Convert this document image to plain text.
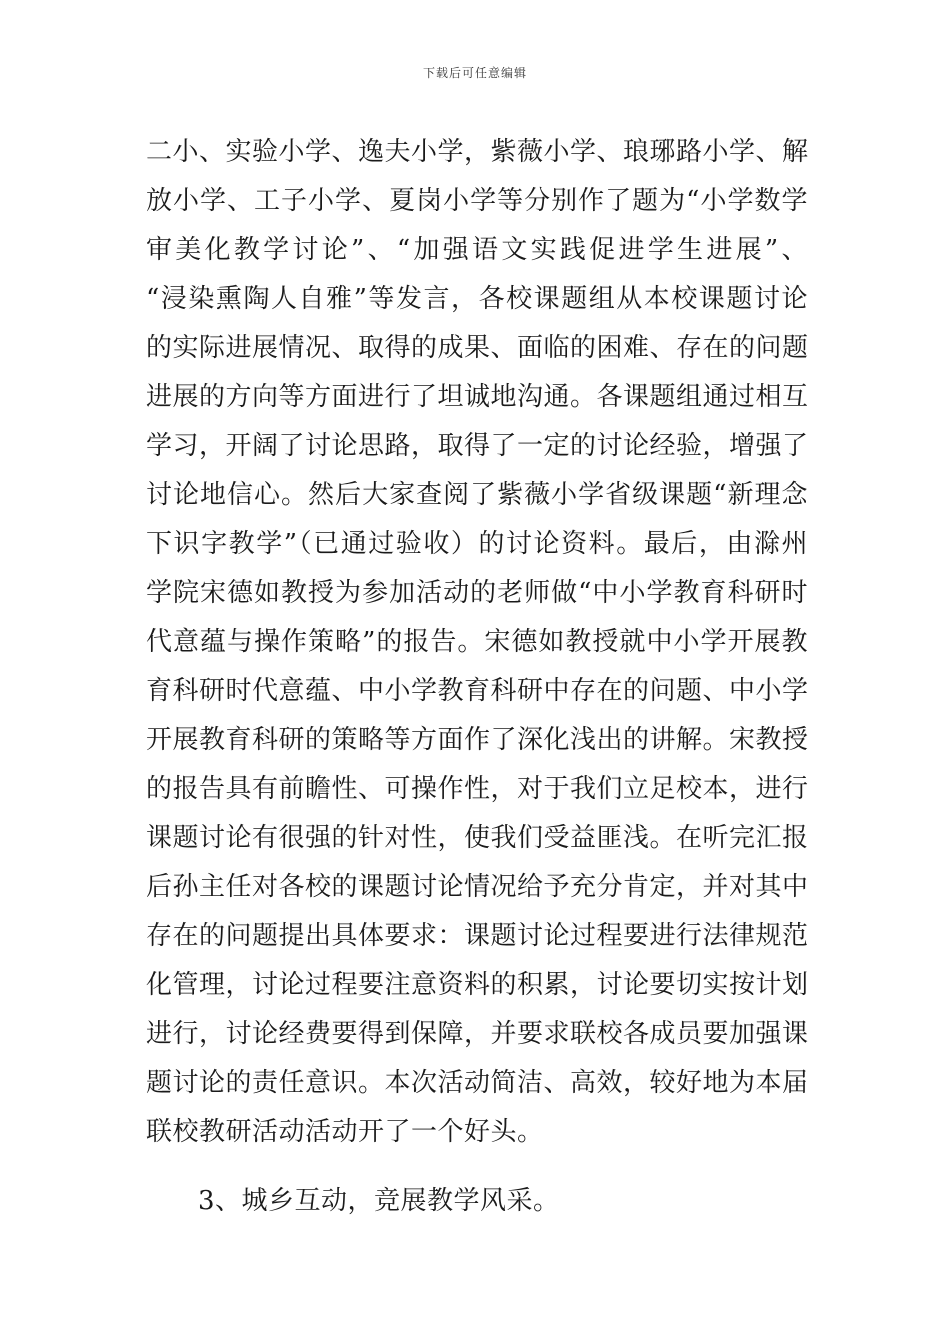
下载后可任意编辑
二小、实验小学、逸夫小学，紫薇小学、琅琊路小学、解
放小学、工子小学、夏岗小学等分别作了题为“小学数学
审美化教学讨论”、“加强语文实践促进学生进展”、
“浸染熏陶人自雅”等发言，各校课题组从本校课题讨论
的实际进展情况、取得的成果、面临的困难、存在的问题
进展的方向等方面进行了坦诚地沟通。各课题组通过相互
学习，开阔了讨论思路，取得了一定的讨论经验，增强了
讨论地信心。然后大家查阅了紫薇小学省级课题“新理念
下识字教学”（已通过验收）的讨论资料。最后，由滁州
学院宋德如教授为参加活动的老师做“中小学教育科研时
代意蕴与操作策略”的报告。宋德如教授就中小学开展教
育科研时代意蕴、中小学教育科研中存在的问题、中小学
开展教育科研的策略等方面作了深化浅出的讲解。宋教授
的报告具有前瞻性、可操作性，对于我们立足校本，进行
课题讨论有很强的针对性，使我们受益匪浅。在听完汇报
后孙主任对各校的课题讨论情况给予充分肯定，并对其中
存在的问题提出具体要求：课题讨论过程要进行法律规范
化管理，讨论过程要注意资料的积累，讨论要切实按计划
进行，讨论经费要得到保障，并要求联校各成员要加强课
题讨论的责任意识。本次活动简洁、高效，较好地为本届
联校教研活动活动开了一个好头。
3、城乡互动，竞展教学风采。
